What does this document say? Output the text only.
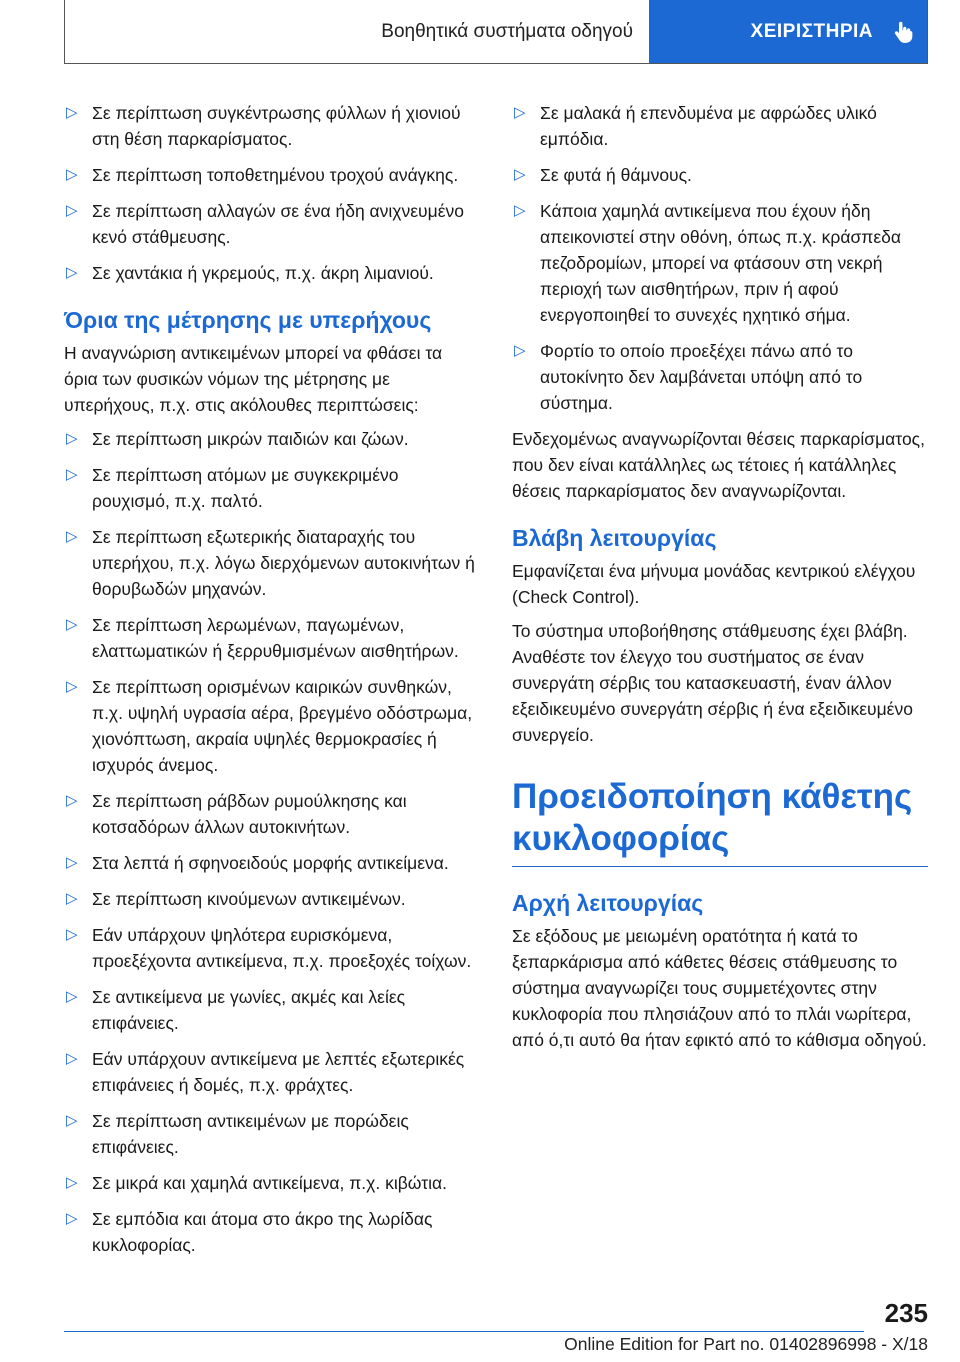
Βοηθητικά συστήματα οδηγού	ΧΕΙΡΙΣΤΗΡΙΑ
▷ Σε περίπτωση συγκέντρωσης φύλλων ή χιονιού στη θέση παρκαρίσματος.
▷ Σε περίπτωση τοποθετημένου τροχού ανάγκης.
▷ Σε περίπτωση αλλαγών σε ένα ήδη ανιχνευμένο κενό στάθμευσης.
▷ Σε χαντάκια ή γκρεμούς, π.χ. άκρη λιμανιού.
Όρια της μέτρησης με υπερήχους

Η αναγνώριση αντικειμένων μπορεί να φθάσει τα όρια των φυσικών νόμων της μέτρησης με υπερήχους, π.χ. στις ακόλουθες περιπτώσεις:

▷ Σε περίπτωση μικρών παιδιών και ζώων.
▷ Σε περίπτωση ατόμων με συγκεκριμένο ρουχισμό, π.χ. παλτό.
▷ Σε περίπτωση εξωτερικής διαταραχής του υπερήχου, π.χ. λόγω διερχόμενων αυτοκινήτων ή θορυβωδών μηχανών.
▷ Σε περίπτωση λερωμένων, παγωμένων, ελαττωματικών ή ξερρυθμισμένων αισθητήρων.
▷ Σε περίπτωση ορισμένων καιρικών συνθηκών, π.χ. υψηλή υγρασία αέρα, βρεγμένο οδόστρωμα, χιονόπτωση, ακραία υψηλές θερμοκρασίες ή ισχυρός άνεμος.
▷ Σε περίπτωση ράβδων ρυμούλκησης και κοτσαδόρων άλλων αυτοκινήτων.
▷ Στα λεπτά ή σφηνοειδούς μορφής αντικείμενα.
▷ Σε περίπτωση κινούμενων αντικειμένων.
▷ Εάν υπάρχουν ψηλότερα ευρισκόμενα, προεξέχοντα αντικείμενα, π.χ. προεξοχές τοίχων.
▷ Σε αντικείμενα με γωνίες, ακμές και λείες επιφάνειες.
▷ Εάν υπάρχουν αντικείμενα με λεπτές εξωτερικές επιφάνειες ή δομές, π.χ. φράχτες.
▷ Σε περίπτωση αντικειμένων με πορώδεις επιφάνειες.
▷ Σε μικρά και χαμηλά αντικείμενα, π.χ. κιβώτια.
▷ Σε εμπόδια και άτομα στο άκρο της λωρίδας κυκλοφορίας.
▷ Σε μαλακά ή επενδυμένα με αφρώδες υλικό εμπόδια.
▷ Σε φυτά ή θάμνους.
▷ Κάποια χαμηλά αντικείμενα που έχουν ήδη απεικονιστεί στην οθόνη, όπως π.χ. κράσπεδα πεζοδρομίων, μπορεί να φτάσουν στη νεκρή περιοχή των αισθητήρων, πριν ή αφού ενεργοποιηθεί το συνεχές ηχητικό σήμα.
▷ Φορτίο το οποίο προεξέχει πάνω από το αυτοκίνητο δεν λαμβάνεται υπόψη από το σύστημα.

Ενδεχομένως αναγνωρίζονται θέσεις παρκαρίσματος, που δεν είναι κατάλληλες ως τέτοιες ή κατάλληλες θέσεις παρκαρίσματος δεν αναγνωρίζονται.

Βλάβη λειτουργίας

Εμφανίζεται ένα μήνυμα μονάδας κεντρικού ελέγχου (Check Control).

Το σύστημα υποβοήθησης στάθμευσης έχει βλάβη. Αναθέστε τον έλεγχο του συστήματος σε έναν συνεργάτη σέρβις του κατασκευαστή, έναν άλλον εξειδικευμένο συνεργάτη σέρβις ή ένα εξειδικευμένο συνεργείο.

Προειδοποίηση κάθετης κυκλοφορίας
Αρχή λειτουργίας

Σε εξόδους με μειωμένη ορατότητα ή κατά το ξεπαρκάρισμα από κάθετες θέσεις στάθμευσης το σύστημα αναγνωρίζει τους συμμετέχοντες στην κυκλοφορία που πλησιάζουν από το πλάι νωρίτερα, από ό,τι αυτό θα ήταν εφικτό από το κάθισμα οδηγού.

235
Online Edition for Part no. 01402896998 - X/18
